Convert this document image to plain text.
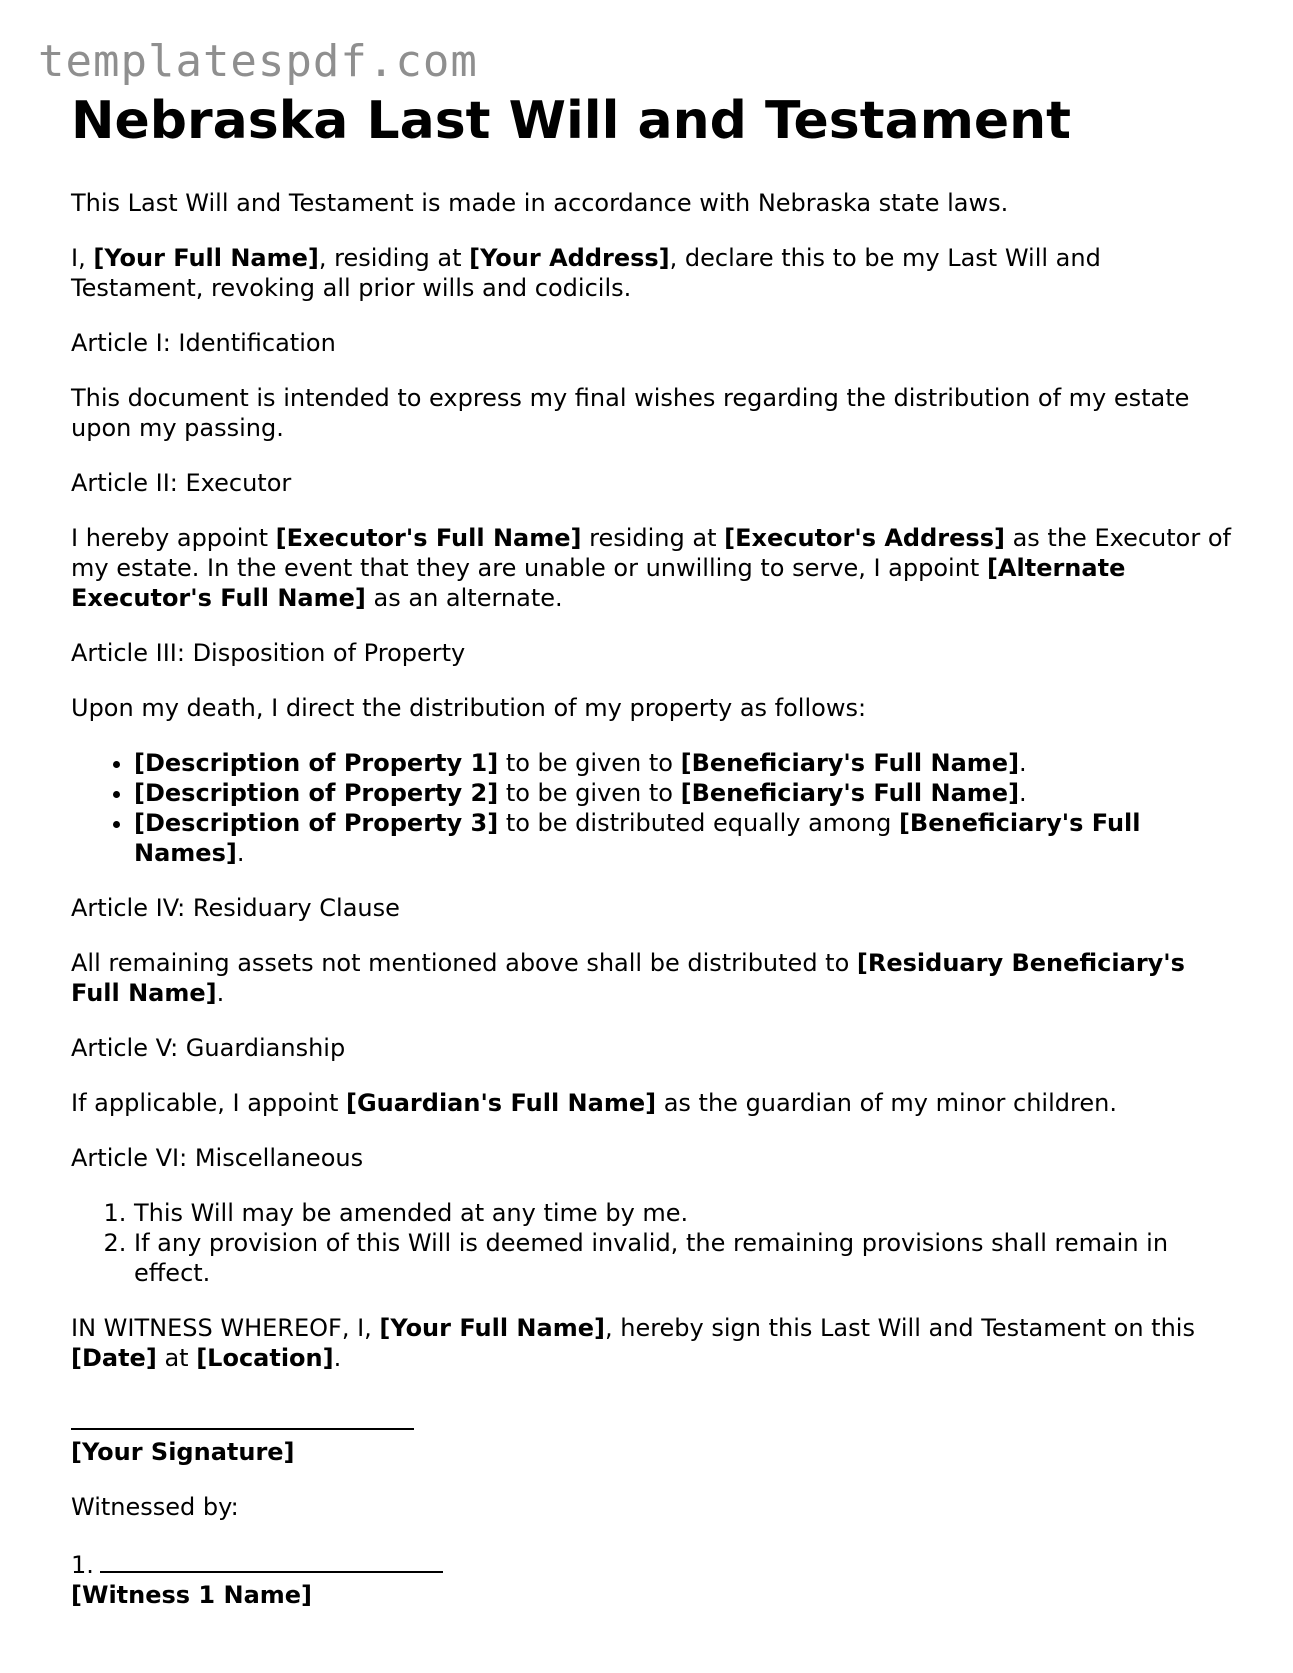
templatespdf.com
Nebraska Last Will and Testament

This Last Will and Testament is made in accordance with Nebraska state laws.

I, [Your Full Name], residing at [Your Address], declare this to be my Last Will and Testament, revoking all prior wills and codicils.

Article I: Identification

This document is intended to express my final wishes regarding the distribution of my estate upon my passing.

Article II: Executor

I hereby appoint [Executor's Full Name] residing at [Executor's Address] as the Executor of my estate. In the event that they are unable or unwilling to serve, I appoint [Alternate Executor's Full Name] as an alternate.

Article III: Disposition of Property

Upon my death, I direct the distribution of my property as follows:

• [Description of Property 1] to be given to [Beneficiary's Full Name].
• [Description of Property 2] to be given to [Beneficiary's Full Name].
• [Description of Property 3] to be distributed equally among [Beneficiary's Full Names].

Article IV: Residuary Clause

All remaining assets not mentioned above shall be distributed to [Residuary Beneficiary's Full Name].

Article V: Guardianship

If applicable, I appoint [Guardian's Full Name] as the guardian of my minor children.

Article VI: Miscellaneous

1. This Will may be amended at any time by me.
2. If any provision of this Will is deemed invalid, the remaining provisions shall remain in effect.

IN WITNESS WHEREOF, I, [Your Full Name], hereby sign this Last Will and Testament on this [Date] at [Location].

[Your Signature]

Witnessed by:

1.

[Witness 1 Name]
